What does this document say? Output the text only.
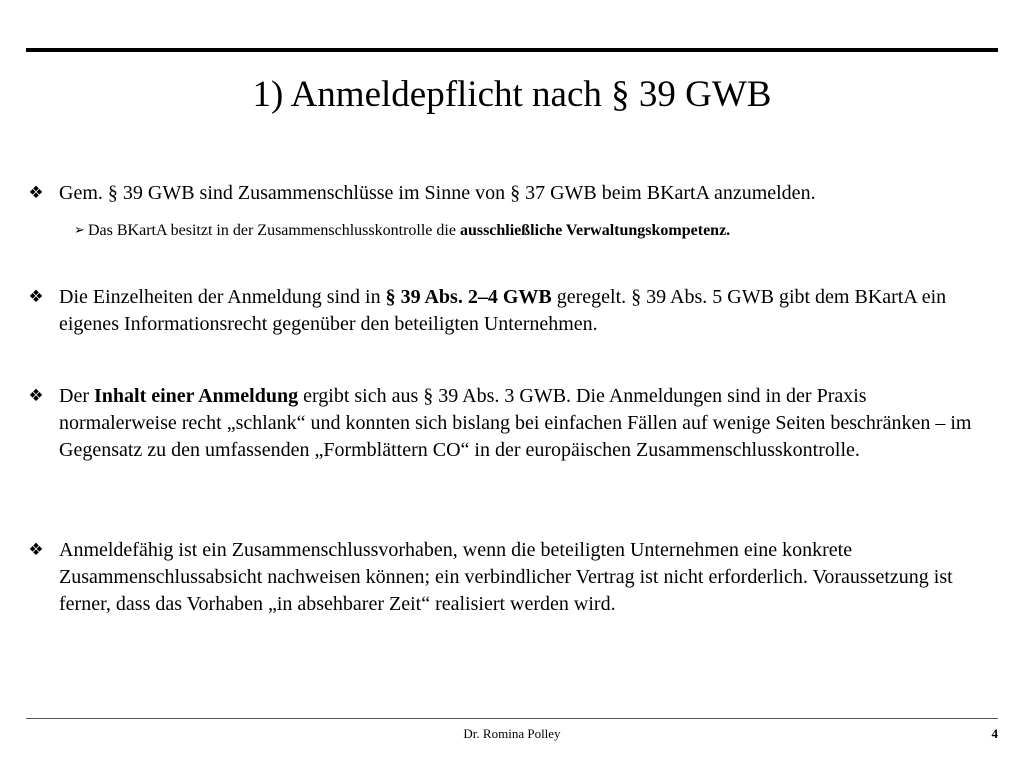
1) Anmeldepflicht nach § 39 GWB
❖ Gem. § 39 GWB sind Zusammenschlüsse im Sinne von § 37 GWB beim BKartA anzumelden.
➢ Das BKartA besitzt in der Zusammenschlusskontrolle die ausschließliche Verwaltungskompetenz.
❖ Die Einzelheiten der Anmeldung sind in § 39 Abs. 2–4 GWB geregelt. § 39 Abs. 5 GWB gibt dem BKartA ein eigenes Informationsrecht gegenüber den beteiligten Unternehmen.
❖ Der Inhalt einer Anmeldung ergibt sich aus § 39 Abs. 3 GWB. Die Anmeldungen sind in der Praxis normalerweise recht „schlank“ und konnten sich bislang bei einfachen Fällen auf wenige Seiten beschränken – im Gegensatz zu den umfassenden „Formblättern CO“ in der europäischen Zusammenschlusskontrolle.
❖ Anmeldefähig ist ein Zusammenschlussvorhaben, wenn die beteiligten Unternehmen eine konkrete Zusammenschlussabsicht nachweisen können; ein verbindlicher Vertrag ist nicht erforderlich. Voraussetzung ist ferner, dass das Vorhaben „in absehbarer Zeit“ realisiert werden wird.
Dr. Romina Polley	4
